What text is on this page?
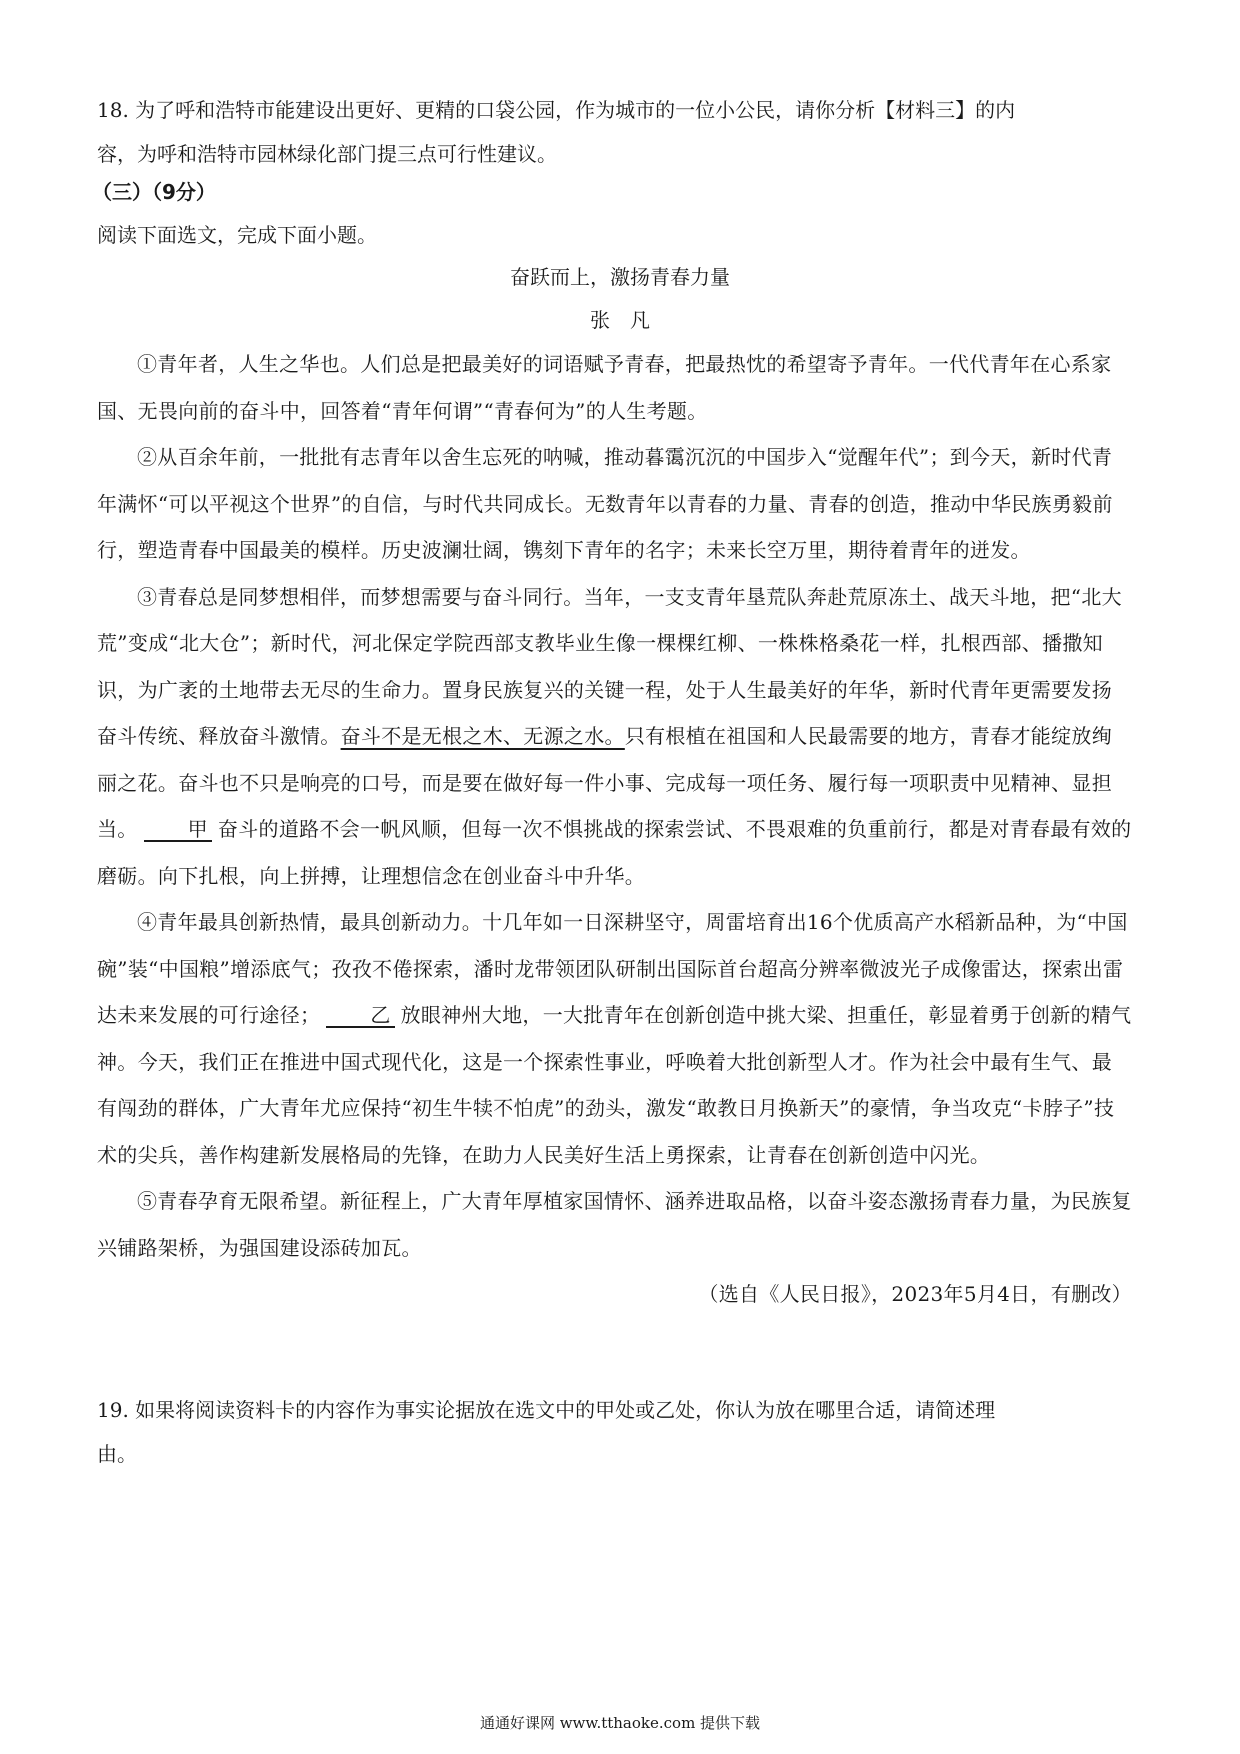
18. 为了呼和浩特市能建设出更好、更精的口袋公园，作为城市的一位小公民，请你分析【材料三】的内
容，为呼和浩特市园林绿化部门提三点可行性建议。

（三）（9分）

阅读下面选文，完成下面小题。

奋跃而上，激扬青春力量

张　凡

①青年者，人生之华也。人们总是把最美好的词语赋予青春，把最热忱的希望寄予青年。一代代青年在心系家国、无畏向前的奋斗中，回答着“青年何谓”“青春何为”的人生考题。

②从百余年前，一批批有志青年以舍生忘死的呐喊，推动暮霭沉沉的中国步入“觉醒年代”；到今天，新时代青年满怀“可以平视这个世界”的自信，与时代共同成长。无数青年以青春的力量、青春的创造，推动中华民族勇毅前行，塑造青春中国最美的模样。历史波澜壮阔，镌刻下青年的名字；未来长空万里，期待着青年的迸发。

③青春总是同梦想相伴，而梦想需要与奋斗同行。当年，一支支青年垦荒队奔赴荒原冻土、战天斗地，把“北大荒”变成“北大仓”；新时代，河北保定学院西部支教毕业生像一棵棵红柳、一株株格桑花一样，扎根西部、播撒知识，为广袤的土地带去无尽的生命力。置身民族复兴的关键一程，处于人生最美好的年华，新时代青年更需要发扬奋斗传统、释放奋斗激情。奋斗不是无根之木、无源之水。只有根植在祖国和人民最需要的地方，青春才能绽放绚丽之花。奋斗也不只是响亮的口号，而是要在做好每一件小事、完成每一项任务、履行每一项职责中见精神、显担当。	甲 奋斗的道路不会一帆风顺，但每一次不惧挑战的探索尝试、不畏艰难的负重前行，都是对青春最有效的磨砺。向下扎根，向上拼搏，让理想信念在创业奋斗中升华。

④青年最具创新热情，最具创新动力。十几年如一日深耕坚守，周雷培育出16个优质高产水稻新品种，为“中国碗”装“中国粮”增添底气；孜孜不倦探索，潘时龙带领团队研制出国际首台超高分辨率微波光子成像雷达，探索出雷达未来发展的可行途径；	乙 放眼神州大地，一大批青年在创新创造中挑大梁、担重任，彰显着勇于创新的精气神。今天，我们正在推进中国式现代化，这是一个探索性事业，呼唤着大批创新型人才。作为社会中最有生气、最有闯劲的群体，广大青年尤应保持“初生牛犊不怕虎”的劲头，激发“敢教日月换新天”的豪情，争当攻克“卡脖子”技术的尖兵，善作构建新发展格局的先锋，在助力人民美好生活上勇探索，让青春在创新创造中闪光。

⑤青春孕育无限希望。新征程上，广大青年厚植家国情怀、涵养进取品格，以奋斗姿态激扬青春力量，为民族复兴铺路架桥，为强国建设添砖加瓦。

（选自《人民日报》，2023年5月4日，有删改）

19. 如果将阅读资料卡的内容作为事实论据放在选文中的甲处或乙处，你认为放在哪里合适，请简述理
由。

通通好课网 www.tthaoke.com 提供下载
